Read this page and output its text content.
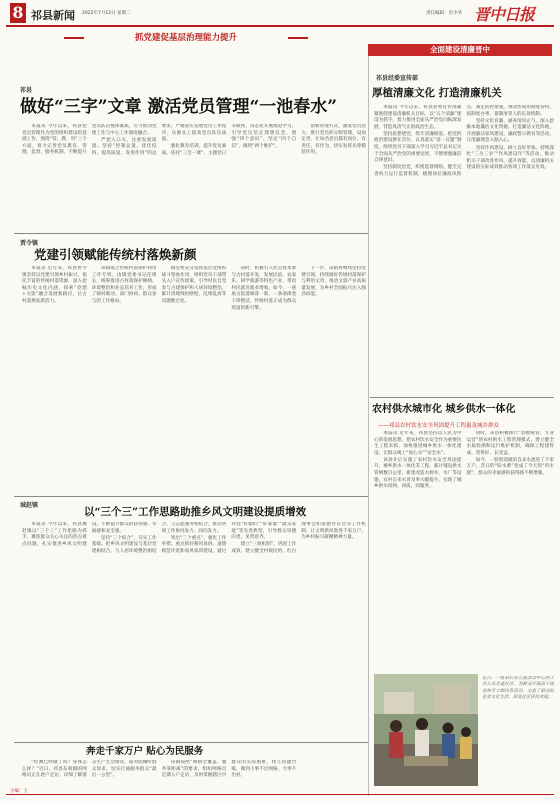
8 祁县新闻 2022年7月12日 星期二	责任编辑：肖少华 晋中日报
抓党建促基层治理能力提升
全面建设清廉晋中
祁县
做好“三字”文章 激活党员管理“一池春水”

本报讯 今年以来，祁县把党员管理作为党的组织建设的基础工作，围绕“管、教、用”三个方面，着力完善党员教育、管理、监督、服务机制，不断提升党员队伍整体素质，有力推动党建工作与中心工作深度融合。

严把入口关，注重发展质量。坚持“控制总量、优化结构、提高质量、发挥作用”的总要求，严格落实发展党员工作程序，从源头上提高党员队伍质量。

强化教育培训，提升党员素质。依托“三会一课”、主题党日等载体，常态化开展理论学习，引导党员坚定理想信念，增强“四个意识”、坚定“四个自信”、做到“两个维护”。

创新管理方式，激发党员活力。推行党员积分制管理，设岗定责，让每名党员都有岗位、有责任、有作为，切实发挥先锋模范作用。

贾令镇
党建引领赋能传统村落焕新颜

本报讯 近年来，祁县贾令镇坚持以党建引领乡村振兴，依托丰富的传统村落资源，深入挖掘历史文化内涵，探索“党建+文旅”融合发展新路径，让古村落焕发新活力。

该镇成立传统村落保护利用工作专班，由镇党委书记任组长，统筹推进古村落保护修缮、环境整治和业态培育工作，形成了镇村联动、部门协同、群众参与的工作格局。

镇党委充分发挥基层党组织战斗堡垒作用，组织党员干部带头入户宣传政策，引导村民自觉参与古建保护和人居环境整治，累计清理残垣断壁、乱堆乱放等问题数百处。

同时，积极引入社会资本参与古村落开发，发展民宿、农家乐、研学旅游等特色产业，带动村民就近就业增收。如今，一座座古院落修葺一新，一条条街巷干净整洁，传统村落正成为群众致富的新引擎。

下一步，该镇将继续坚持党建引领，持续做好传统村落保护与利用文章，推动文旅产业高质量发展，为乡村全面振兴注入强劲动能。

城赵镇
以“三个三”工作思路助推乡风文明建设提质增效

本报讯 今年以来，祁县城赵镇以“三个三”工作思路为抓手，聚焦群众关心关注的热点难点问题，扎实推进乡风文明建设，不断提升群众的获得感、幸福感和安全感。

坚持“三个结合”，夯实工作基础。把乡风文明建设与基层党建相结合、与人居环境整治相结合、与志愿服务相结合，推动各项工作协同发力、同向发力。

突出“三个重点”，强化工作举措。重点抓好移风易俗、道德模范评选和家风家训建设，通过评选“好媳妇”“好婆婆”“最美家庭”等先进典型，引导群众崇德向善、见贤思齐。

建立“三项机制”，巩固工作成效。建立健全村规民约、红白理事会和道德评议会等工作机制，让文明新风吹进千家万户，为乡村振兴凝聚精神力量。

奔走千家万户 贴心为民服务

“检测已经做了吗？身体怎么样？”近日，祁县东观镇的网格员正在逐户走访，详细了解群众生产生活情况，面对面倾听群众诉求，切实打通服务群众“最后一公里”。

该镇按照“网格全覆盖、服务零距离”的要求，组织网格员定期入户走访，及时掌握辖区内群众的实际困难，建立问题台账，做到小事不出网格、大事不出村。

祁县经委宣传部
厚植清廉文化 打造清廉机关

本报讯 今年以来，祁县县委宣传部紧紧围绕建设清廉机关目标，以“五个清廉”建设为抓手，着力推进全面从严治党向纵深发展，营造风清气正的政治生态。

坚持思想建党，筑牢清廉根基。把党的政治建设摆在首位，认真落实“第一议题”制度，组织党员干部深入学习习近平总书记关于全面从严治党的重要论述，不断增强廉洁自律意识。

坚持制度治党，织密监督网络。健全完善权力运行监督机制，梳理岗位廉政风险点，制定防控措施，推动形成用制度管权、按制度办事、靠制度管人的长效机制。

坚持文化育廉，涵养清风正气。深入挖掘本地廉洁文化资源，打造廉洁文化阵地，开展廉洁家风建设、廉政警示教育等活动，让清廉理念入脑入心。

坚持作风建设，树立良好形象。持续深化“三为三争”“作风建设年”等活动，推动机关干部改进作风、提升效能，以清廉机关建设的实际成效推动各项工作落实见效。

农村供水城市化 城乡供水一体化
——祁县农村饮水安全巩固提升工程惠及城乡群众

本报讯 近年来，祁县坚持以人民为中心的发展思想，把农村饮水安全作为重要民生工程来抓，加快推进城乡供水一体化建设，让群众喝上“放心水”“安全水”。

该县先后实施了农村饮水安全巩固提升、城乡供水一体化等工程，累计铺设供水管网数百公里，新建改造水源井、水厂等设施，农村自来水普及率大幅提升，实现了城乡供水同网、同质、同服务。

同时，该县积极推行“县级统管、专业运营”的农村供水工程管理模式，建立健全水质检测和运行维护机制，确保工程建得成、管得好、长受益。

如今，一股股清澈的自来水流进了千家万户，昔日的“盼水难”变成了今天的“用水甜”，群众的幸福感和获得感不断增强。

近日，一批县妇女儿童活动中心的工作人员走进社区，为群众开展亲子阅读和手工制作等活动，丰富了群众的业余文化生活，深受社区居民欢迎。
小编：王
